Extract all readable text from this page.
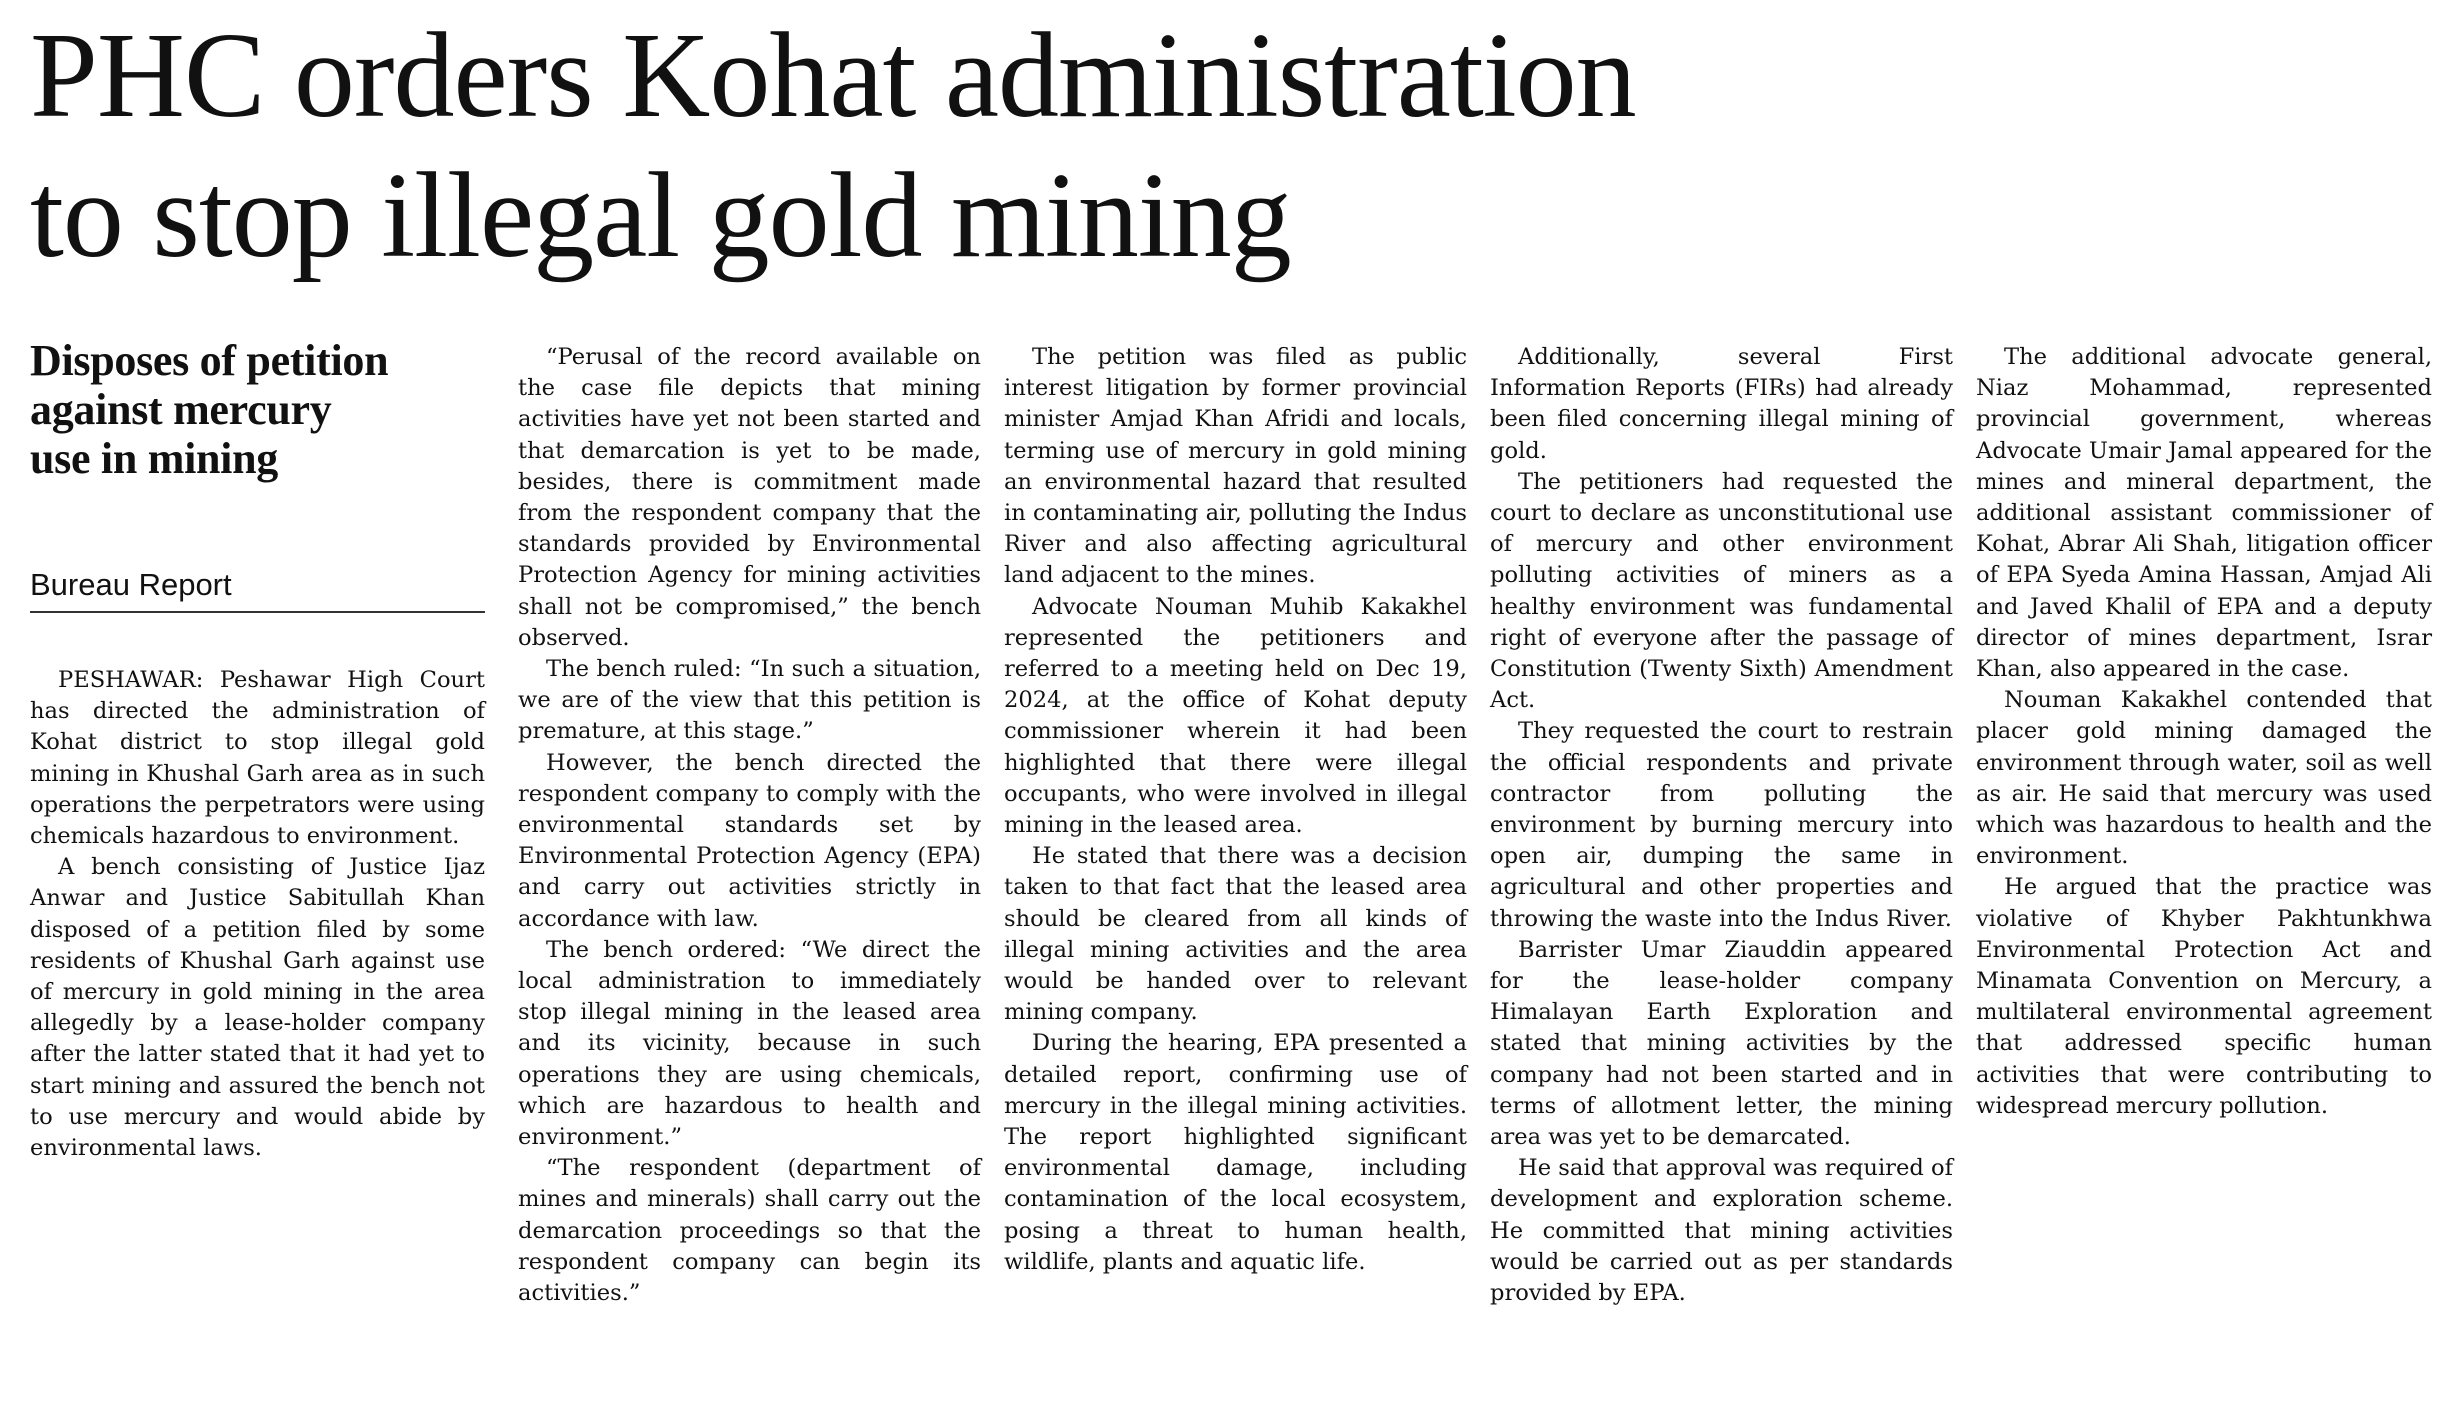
PHC orders Kohat administration
to stop illegal gold mining
Disposes of petition
against mercury
use in mining
Bureau Report

PESHAWAR: Peshawar High Court has directed the administration of Kohat district to stop illegal gold mining in Khushal Garh area as in such operations the perpetrators were using chemicals hazardous to environment.

A bench consisting of Justice Ijaz Anwar and Justice Sabitullah Khan disposed of a petition filed by some residents of Khushal Garh against use of mercury in gold mining in the area allegedly by a lease-holder company after the latter stated that it had yet to start mining and assured the bench not to use mercury and would abide by environmental laws.

“Perusal of the record available on the case file depicts that mining activities have yet not been started and that demarcation is yet to be made, besides, there is commitment made from the respondent company that the standards provided by Environmental Protection Agency for mining activities shall not be compromised,” the bench observed.

The bench ruled: “In such a situation, we are of the view that this petition is premature, at this stage.”

However, the bench directed the respondent company to comply with the environmental standards set by Environmental Protection Agency (EPA) and carry out activities strictly in accordance with law.

The bench ordered: “We direct the local administration to immediately stop illegal mining in the leased area and its vicinity, because in such operations they are using chemicals, which are hazardous to health and environment.”

“The respondent (department of mines and minerals) shall carry out the demarcation proceedings so that the respondent company can begin its activities.”

The petition was filed as public interest litigation by former provincial minister Amjad Khan Afridi and locals, terming use of mercury in gold mining an environmental hazard that resulted in contaminating air, polluting the Indus River and also affecting agricultural land adjacent to the mines.

Advocate Nouman Muhib Kakakhel represented the petitioners and referred to a meeting held on Dec 19, 2024, at the office of Kohat deputy commissioner wherein it had been highlighted that there were illegal occupants, who were involved in illegal mining in the leased area.

He stated that there was a decision taken to that fact that the leased area should be cleared from all kinds of illegal mining activities and the area would be handed over to relevant mining company.

During the hearing, EPA presented a detailed report, confirming use of mercury in the illegal mining activities. The report highlighted significant environmental damage, including contamination of the local ecosystem, posing a threat to human health, wildlife, plants and aquatic life.

Additionally, several First Information Reports (FIRs) had already been filed concerning illegal mining of gold.

The petitioners had requested the court to declare as unconstitutional use of mercury and other environment polluting activities of miners as a healthy environment was fundamental right of everyone after the passage of Constitution (Twenty Sixth) Amendment Act.

They requested the court to restrain the official respondents and private contractor from polluting the environment by burning mercury into open air, dumping the same in agricultural and other properties and throwing the waste into the Indus River.

Barrister Umar Ziauddin appeared for the lease-holder company Himalayan Earth Exploration and stated that mining activities by the company had not been started and in terms of allotment letter, the mining area was yet to be demarcated.

He said that approval was required of development and exploration scheme. He committed that mining activities would be carried out as per standards provided by EPA.

The additional advocate general, Niaz Mohammad, represented provincial government, whereas Advocate Umair Jamal appeared for the mines and mineral department, the additional assistant commissioner of Kohat, Abrar Ali Shah, litigation officer of EPA Syeda Amina Hassan, Amjad Ali and Javed Khalil of EPA and a deputy director of mines department, Israr Khan, also appeared in the case.

Nouman Kakakhel contended that placer gold mining damaged the environment through water, soil as well as air. He said that mercury was used which was hazardous to health and the environment.

He argued that the practice was violative of Khyber Pakhtunkhwa Environmental Protection Act and Minamata Convention on Mercury, a multilateral environmental agreement that addressed specific human activities that were contributing to widespread mercury pollution.
